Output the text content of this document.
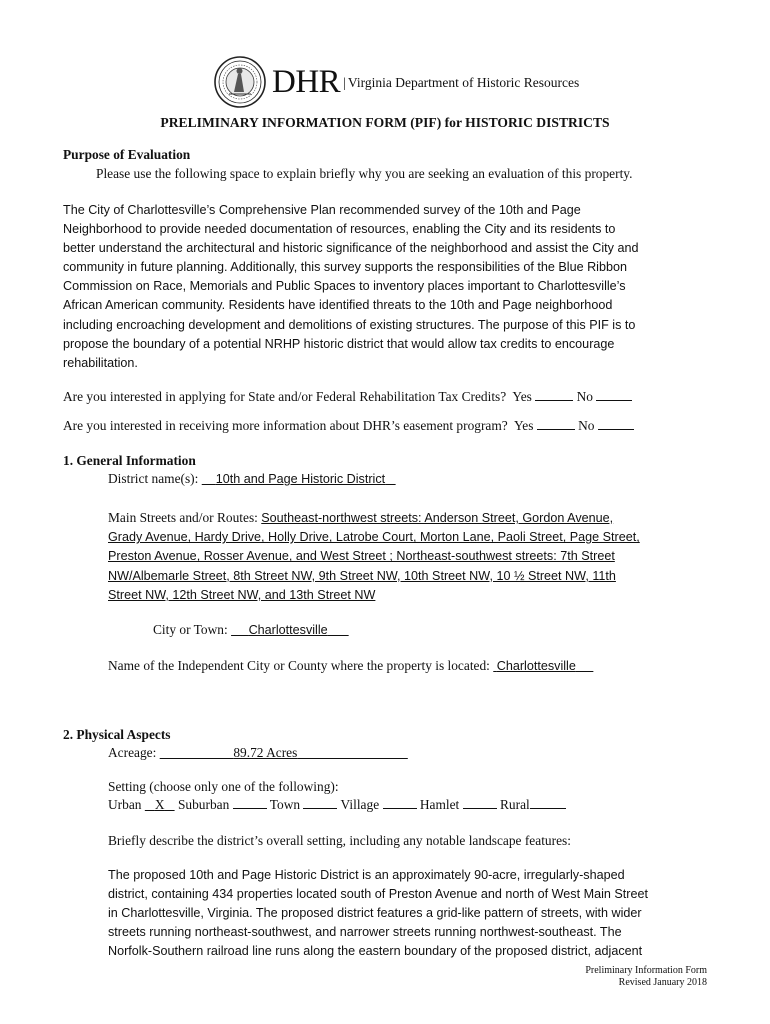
DHR | Virginia Department of Historic Resources
PRELIMINARY INFORMATION FORM (PIF) for HISTORIC DISTRICTS
Purpose of Evaluation
Please use the following space to explain briefly why you are seeking an evaluation of this property.
The City of Charlottesville’s Comprehensive Plan recommended survey of the 10th and Page
Neighborhood to provide needed documentation of resources, enabling the City and its residents to
better understand the architectural and historic significance of the neighborhood and assist the City and
community in future planning. Additionally, this survey supports the responsibilities of the Blue Ribbon
Commission on Race, Memorials and Public Spaces to inventory places important to Charlottesville’s
African American community. Residents have identified threats to the 10th and Page neighborhood
including encroaching development and demolitions of existing structures. The purpose of this PIF is to
propose the boundary of a potential NRHP historic district that would allow tax credits to encourage
rehabilitation.
Are you interested in applying for State and/or Federal Rehabilitation Tax Credits? Yes	No
Are you interested in receiving more information about DHR’s easement program? Yes	No
1. General Information
District name(s): 10th and Page Historic District
Main Streets and/or Routes: Southeast-northwest streets: Anderson Street, Gordon Avenue,
Grady Avenue, Hardy Drive, Holly Drive, Latrobe Court, Morton Lane, Paoli Street, Page Street,
Preston Avenue, Rosser Avenue, and West Street ; Northeast-southwest streets: 7th Street
NW/Albemarle Street, 8th Street NW, 9th Street NW, 10th Street NW, 10 ½ Street NW, 11th
Street NW, 12th Street NW, and 13th Street NW
City or Town: Charlottesville
Name of the Independent City or County where the property is located: Charlottesville
2. Physical Aspects
Acreage:	89.72 Acres
Setting (choose only one of the following):
Urban X Suburban	Town	Village	Hamlet	Rural
Briefly describe the district’s overall setting, including any notable landscape features:
The proposed 10th and Page Historic District is an approximately 90-acre, irregularly-shaped
district, containing 434 properties located south of Preston Avenue and north of West Main Street
in Charlottesville, Virginia. The proposed district features a grid-like pattern of streets, with wider
streets running northeast-southwest, and narrower streets running northwest-southeast. The
Norfolk-Southern railroad line runs along the eastern boundary of the proposed district, adjacent
Preliminary Information Form
Revised January 2018
